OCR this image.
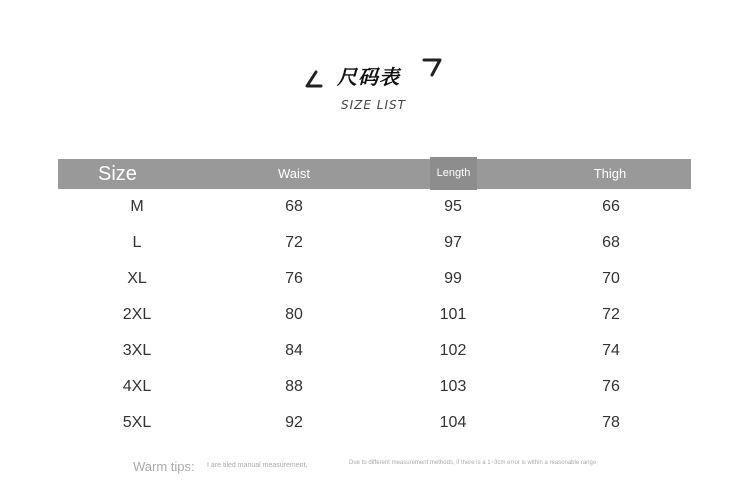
尺码表
SIZE LIST
Size	Waist	Length	Thigh
M	68	95	66
L	72	97	68
XL	76	99	70
2XL	80	101	72
3XL	84	102	74
4XL	88	103	76
5XL	92	104	78
Warm tips: I are tiled manual measurement,	Due to different measurement methods, if there is a 1~3cm error is within a reasonable range
